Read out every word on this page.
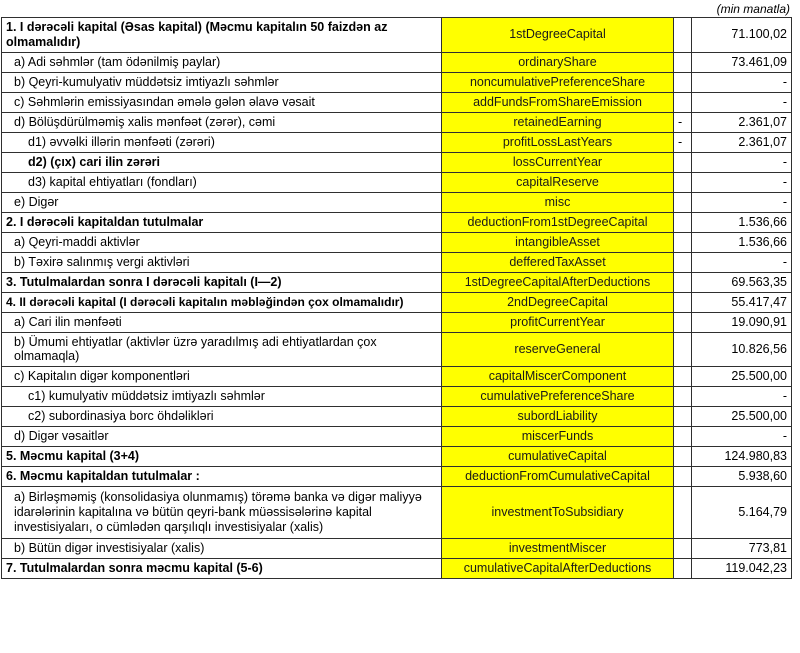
(min manatla)
1. I dərəcəli kapital (Əsas kapital) (Məcmu kapitalın 50 faizdən az olmamalıdır)	1stDegreeCapital		71.100,02
a) Adi səhmlər (tam ödənilmiş paylar)	ordinaryShare		73.461,09
b) Qeyri-kumulyativ müddətsiz imtiyazlı səhmlər	noncumulativePreferenceShare		-
c) Səhmlərin emissiyasından əmələ gələn əlavə vəsait	addFundsFromShareEmission		-
d) Bölüşdürülməmiş xalis mənfəət (zərər), cəmi	retainedEarning	-	2.361,07
d1) əvvəlki illərin mənfəəti (zərəri)	profitLossLastYears	-	2.361,07
d2) (çıx) cari ilin zərəri	lossCurrentYear		-
d3) kapital ehtiyatları (fondları)	capitalReserve		-
e) Digər	misc		-
2. I dərəcəli kapitaldan tutulmalar	deductionFrom1stDegreeCapital		1.536,66
a) Qeyri-maddi aktivlər	intangibleAsset		1.536,66
b) Təxirə salınmış vergi aktivləri	defferedTaxAsset		-
3. Tutulmalardan sonra I dərəcəli kapitalı (I—2)	1stDegreeCapitalAfterDeductions		69.563,35
4. II dərəcəli kapital (I dərəcəli kapitalın məbləğindən çox olmamalıdır)	2ndDegreeCapital		55.417,47
a) Cari ilin mənfəəti	profitCurrentYear		19.090,91
b) Ümumi ehtiyatlar (aktivlər üzrə yaradılmış adi ehtiyatlardan çox olmamaqla)	reserveGeneral		10.826,56
c) Kapitalın digər komponentləri	capitalMiscerComponent		25.500,00
c1) kumulyativ müddətsiz imtiyazlı səhmlər	cumulativePreferenceShare		-
c2) subordinasiya borc öhdəlikləri	subordLiability		25.500,00
d) Digər vəsaitlər	miscerFunds		-
5. Məcmu kapital (3+4)	cumulativeCapital		124.980,83
6. Məcmu kapitaldan tutulmalar :	deductionFromCumulativeCapital		5.938,60
a) Birləşməmiş (konsolidasiya olunmamış) törəmə banka və digər maliyyə idarələrinin kapitalına və bütün qeyri-bank müəssisələrinə kapital investisiyaları, o cümlədən qarşılıqlı investisiyalar (xalis)	investmentToSubsidiary		5.164,79
b) Bütün digər investisiyalar (xalis)	investmentMiscer		773,81
7. Tutulmalardan sonra məcmu kapital (5-6)	cumulativeCapitalAfterDeductions		119.042,23
